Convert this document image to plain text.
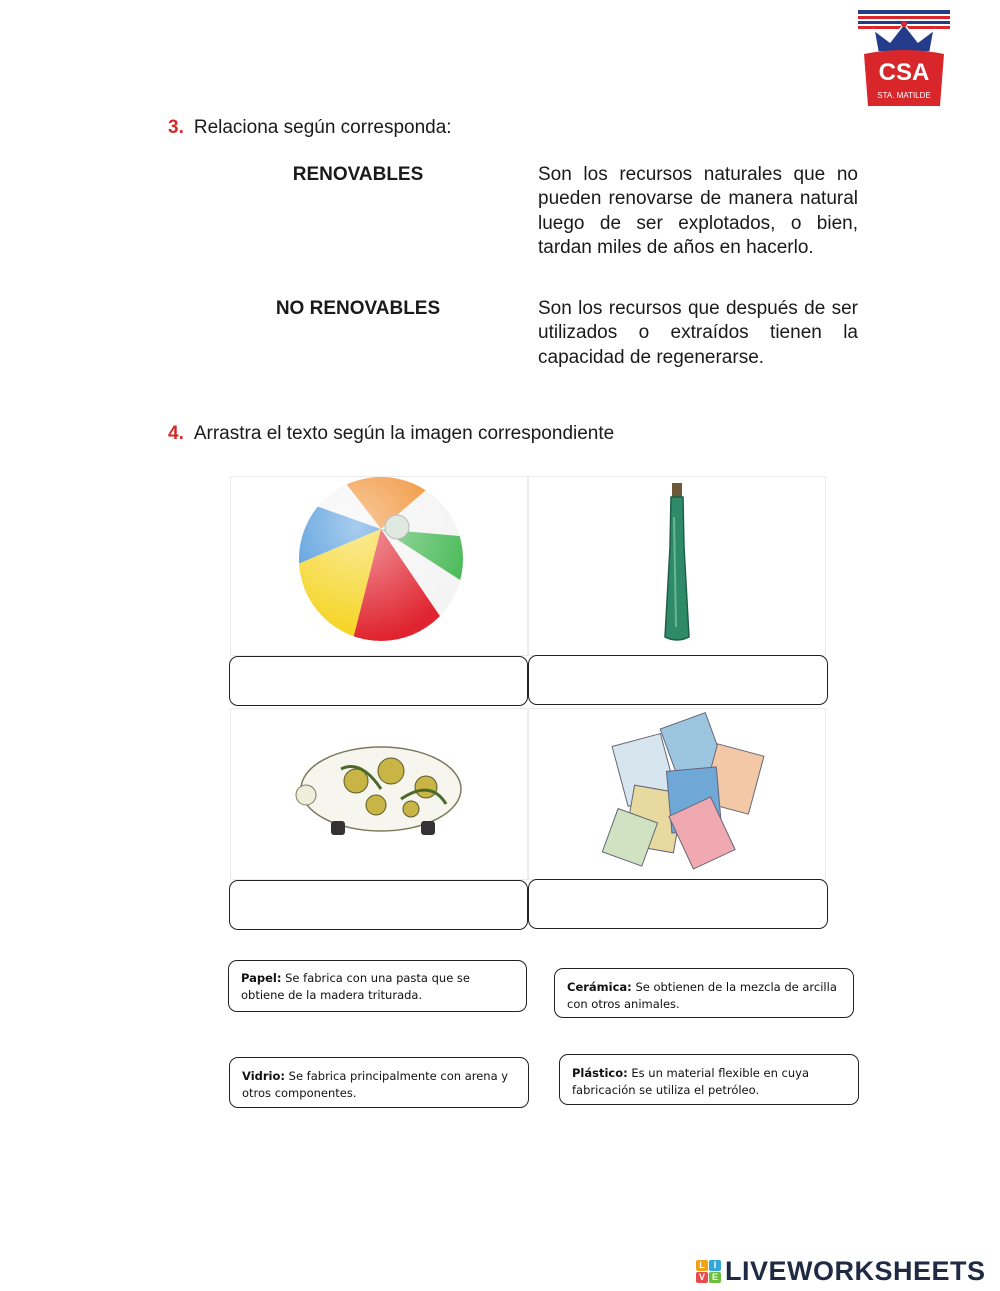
CSA
STA. MATILDE
3. Relaciona según corresponda:
RENOVABLES
NO RENOVABLES
Son los recursos naturales que no pueden renovarse de manera natural luego de ser explotados, o bien, tardan miles de años en hacerlo.
Son los recursos que después de ser utilizados o extraídos tienen la capacidad de regenerarse.
4. Arrastra el texto según la imagen correspondiente
Papel: Se fabrica con una pasta que se obtiene de la madera triturada.
Cerámica: Se obtienen de la mezcla de arcilla con otros animales.
Vidrio: Se fabrica principalmente con arena y otros componentes.
Plástico: Es un material flexible en cuya fabricación se utiliza el petróleo.
L I
V E LIVEWORKSHEETS
